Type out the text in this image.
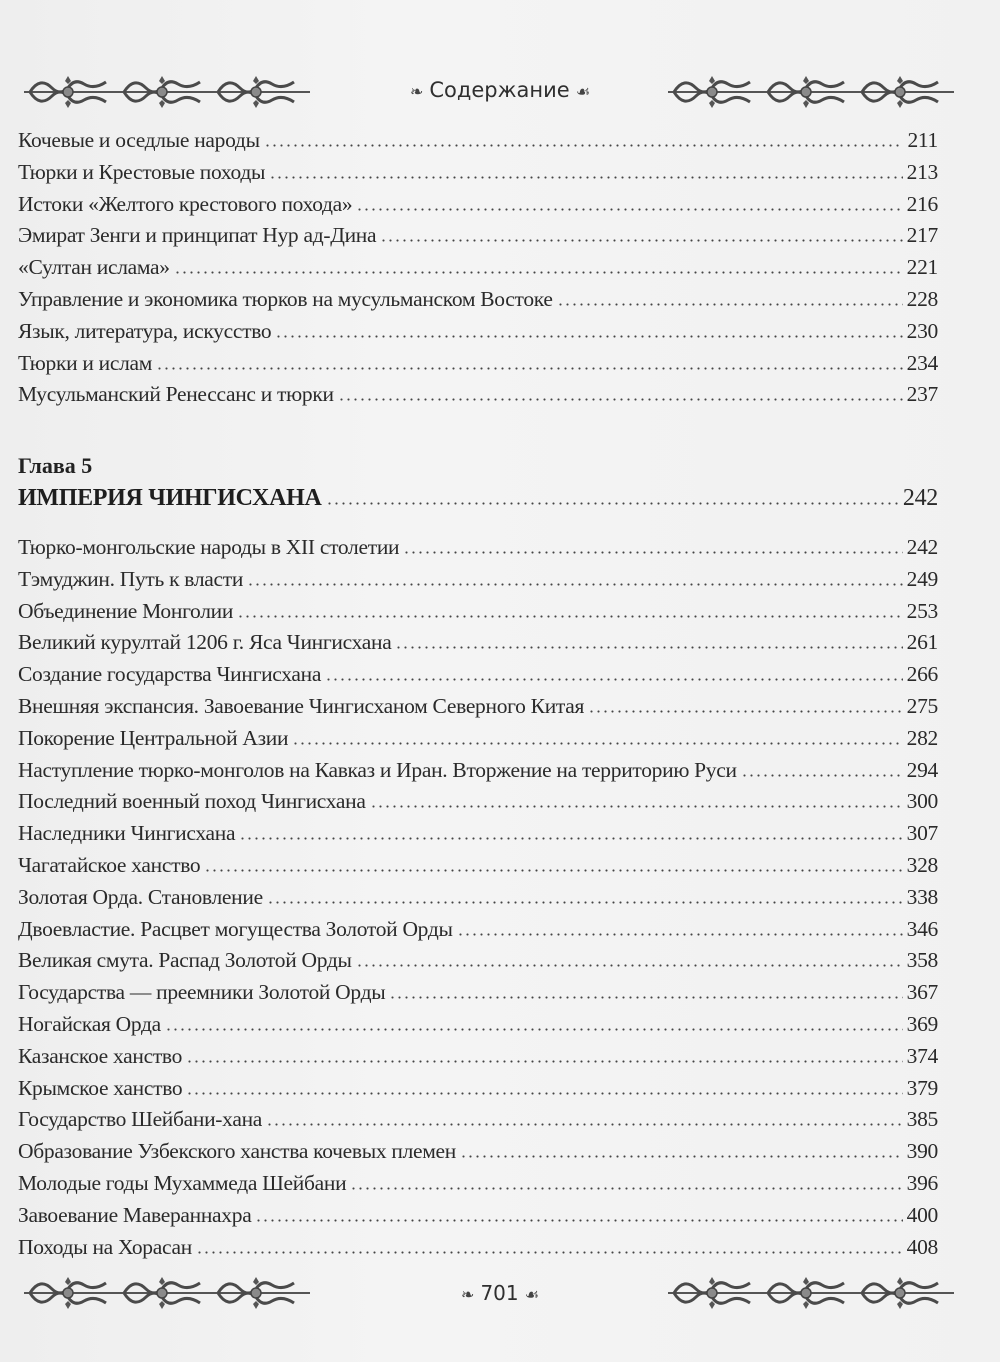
❧ Содержание ☙
Кочевые и оседлые народы	211
Тюрки и Крестовые походы	213
Истоки «Желтого крестового похода»	216
Эмират Зенги и принципат Нур ад-Дина	217
«Султан ислама»	221
Управление и экономика тюрков на мусульманском Востоке	228
Язык, литература, искусство	230
Тюрки и ислам	234
Мусульманский Ренессанс и тюрки	237
Глава 5
ИМПЕРИЯ ЧИНГИСХАНА	242
Тюрко-монгольские народы в XII столетии	242
Тэмуджин. Путь к власти	249
Объединение Монголии	253
Великий курултай 1206 г. Яса Чингисхана	261
Создание государства Чингисхана	266
Внешняя экспансия. Завоевание Чингисханом Северного Китая	275
Покорение Центральной Азии	282
Наступление тюрко-монголов на Кавказ и Иран. Вторжение на территорию Руси	294
Последний военный поход Чингисхана	300
Наследники Чингисхана	307
Чагатайское ханство	328
Золотая Орда. Становление	338
Двоевластие. Расцвет могущества Золотой Орды	346
Великая смута. Распад Золотой Орды	358
Государства — преемники Золотой Орды	367
Ногайская Орда	369
Казанское ханство	374
Крымское ханство	379
Государство Шейбани-хана	385
Образование Узбекского ханства кочевых племен	390
Молодые годы Мухаммеда Шейбани	396
Завоевание Мавераннахра	400
Походы на Хорасан	408
❧ 701 ☙
